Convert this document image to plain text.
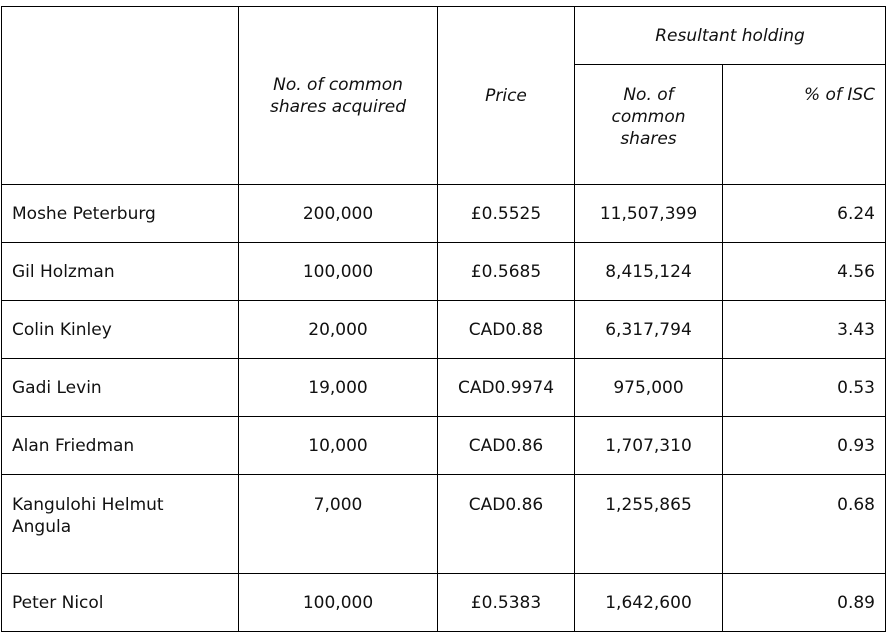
	No. of common shares acquired	Price	Resultant holding	
			No. of common shares	% of ISC
Moshe Peterburg	200,000	£0.5525	11,507,399	6.24
Gil Holzman	100,000	£0.5685	8,415,124	4.56
Colin Kinley	20,000	CAD0.88	6,317,794	3.43
Gadi Levin	19,000	CAD0.9974	975,000	0.53
Alan Friedman	10,000	CAD0.86	1,707,310	0.93
Kangulohi Helmut Angula	7,000	CAD0.86	1,255,865	0.68
Peter Nicol	100,000	£0.5383	1,642,600	0.89
